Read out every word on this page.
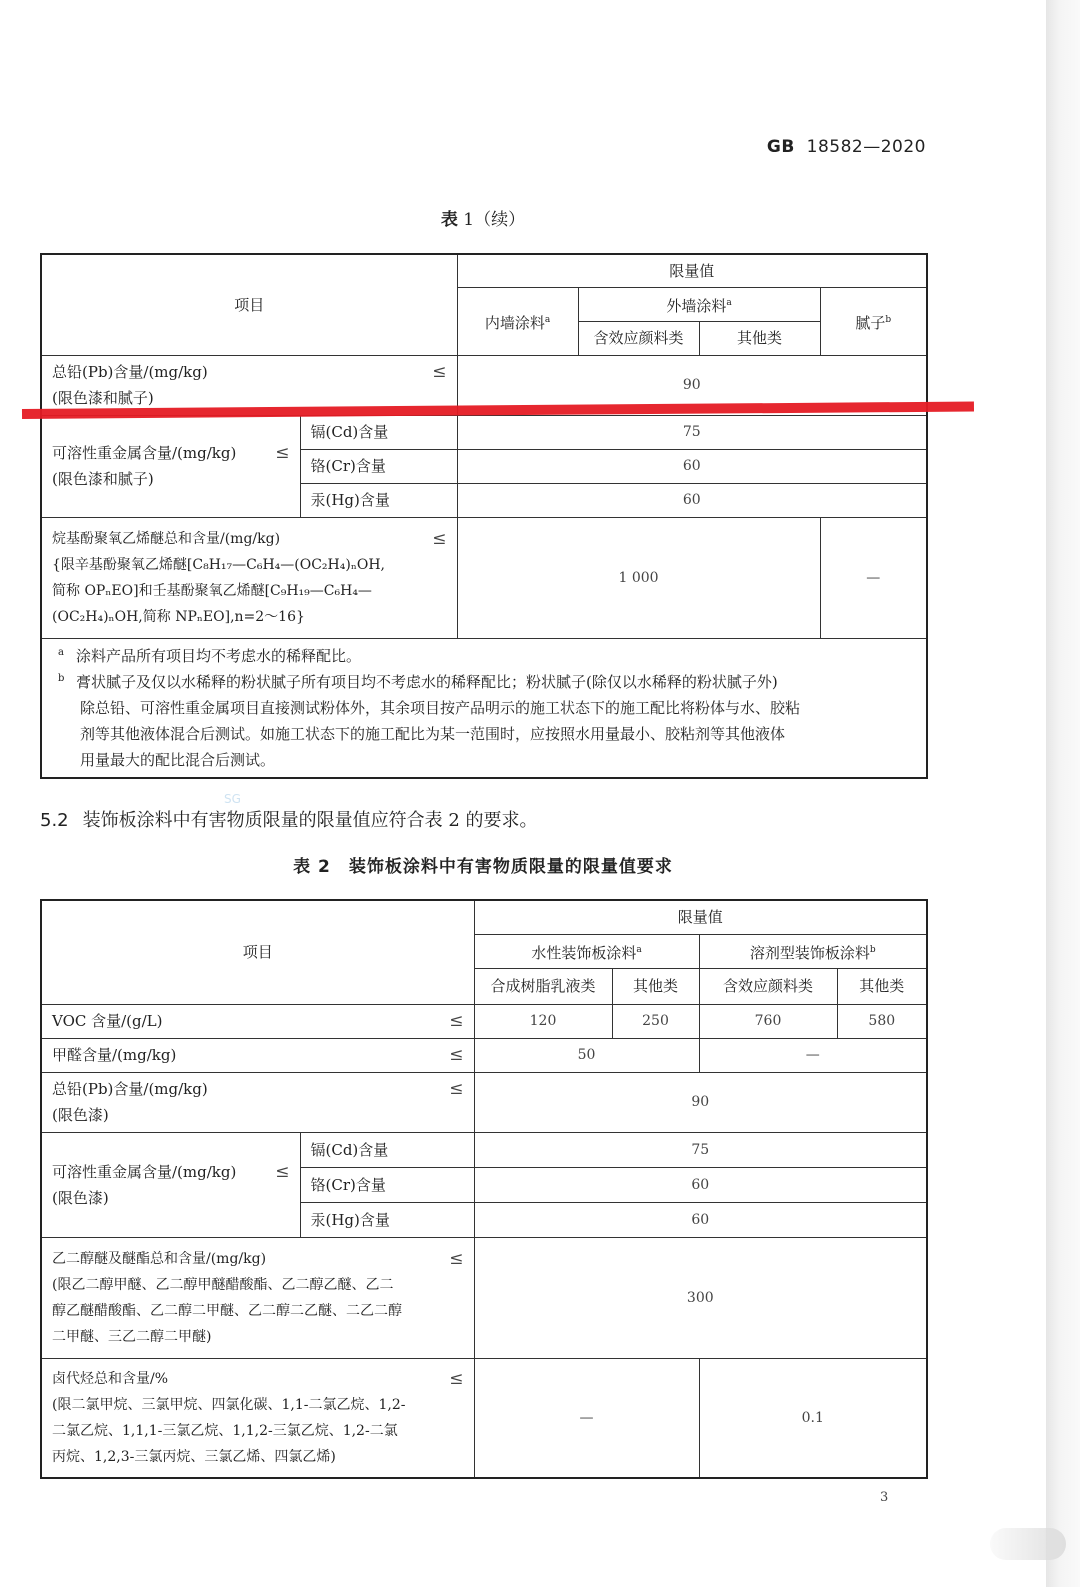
GB 18582—2020
表 1（续）
项目		限量值			
		内墙涂料$^a$	外墙涂料$^a$		腻子$^b$
			含效应颜料类	其他类	

≤
总铅(Pb)含量/(mg/kg)
(限色漆和腻子)		90			

≤
可溶性重金属含量/(mg/kg)
(限色漆和腻子)	镉(Cd)含量	75			
	铬(Cr)含量	60			
	汞(Hg)含量	60			

≤
烷基酚聚氧乙烯醚总和含量/(mg/kg)
{限辛基酚聚氧乙烯醚[C₈H₁₇—C₆H₄—(OC₂H₄)ₙOH,
简称 OPₙEO]和壬基酚聚氧乙烯醚[C₉H₁₉—C₆H₄—
(OC₂H₄)ₙOH,简称 NPₙEO],n=2～16}		1 000			—

a 涂料产品所有项目均不考虑水的稀释配比。
b 膏状腻子及仅以水稀释的粉状腻子所有项目均不考虑水的稀释配比；粉状腻子(除仅以水稀释的粉状腻子外)
除总铅、可溶性重金属项目直接测试粉体外，其余项目按产品明示的施工状态下的施工配比将粉体与水、胶粘
剂等其他液体混合后测试。如施工状态下的施工配比为某一范围时，应按照水用量最小、胶粘剂等其他液体
用量最大的配比混合后测试。					
SG
5.2 装饰板涂料中有害物质限量的限量值应符合表 2 的要求。
表 2　装饰板涂料中有害物质限量的限量值要求
项目		限量值			
		水性装饰板涂料$^a$		溶剂型装饰板涂料$^b$
		合成树脂乳液类	其他类	含效应颜料类	其他类

≤
VOC 含量/(g/L)		120	250	760	580

≤
甲醛含量/(mg/kg)		50		—	

≤
总铅(Pb)含量/(mg/kg)
(限色漆)		90			

≤
可溶性重金属含量/(mg/kg)
(限色漆)	镉(Cd)含量	75			
	铬(Cr)含量	60			
	汞(Hg)含量	60			

≤
乙二醇醚及醚酯总和含量/(mg/kg)
(限乙二醇甲醚、乙二醇甲醚醋酸酯、乙二醇乙醚、乙二
醇乙醚醋酸酯、乙二醇二甲醚、乙二醇二乙醚、二乙二醇
二甲醚、三乙二醇二甲醚)		300			

≤
卤代烃总和含量/%
(限二氯甲烷、三氯甲烷、四氯化碳、1,1-二氯乙烷、1,2-
二氯乙烷、1,1,1-三氯乙烷、1,1,2-三氯乙烷、1,2-二氯
丙烷、1,2,3-三氯丙烷、三氯乙烯、四氯乙烯)		—		0.1	
3
